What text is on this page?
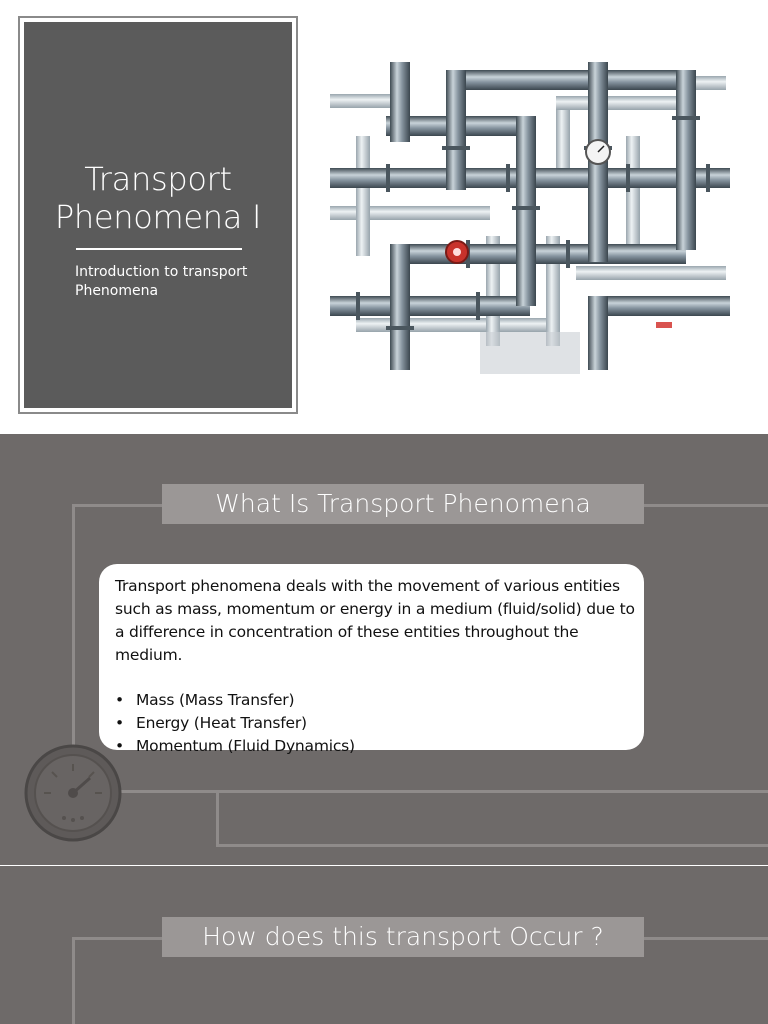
Transport
Phenomena I
Introduction to transport
Phenomena
What Is Transport Phenomena

Transport phenomena deals with the movement of various entities such as mass, momentum or energy in a medium (fluid/solid) due to a difference in concentration of these entities throughout the medium.

• Mass (Mass Transfer)
• Energy (Heat Transfer)
• Momentum (Fluid Dynamics)
How does this transport Occur ?
